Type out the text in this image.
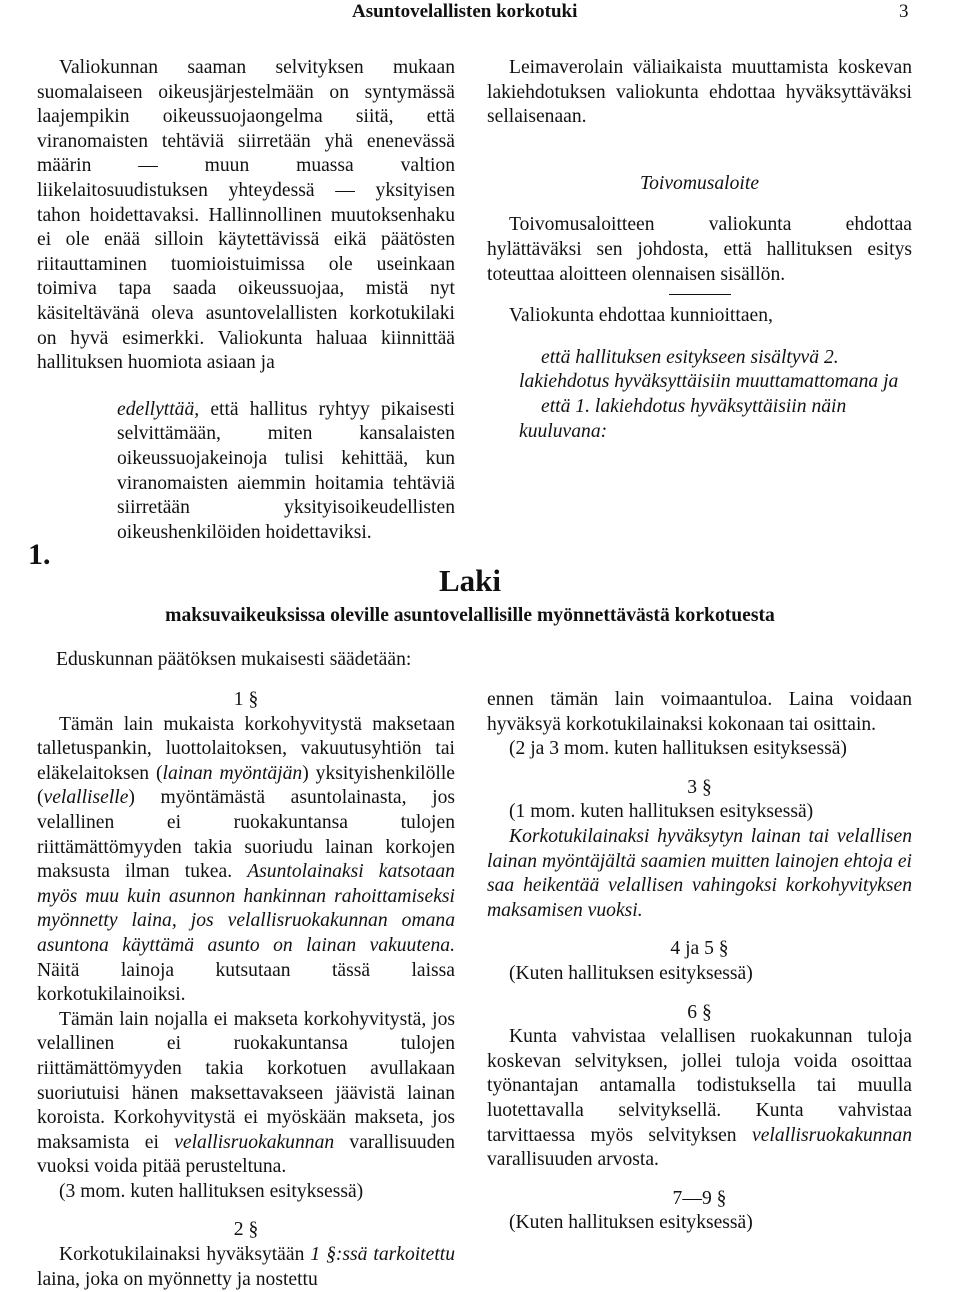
Asuntovelallisten korkotuki	3

Valiokunnan saaman selvityksen mukaan suomalaiseen oikeusjärjestelmään on syntymässä laajempikin oikeussuojaongelma siitä, että viranomaisten tehtäviä siirretään yhä enenevässä määrin — muun muassa valtion liikelaitosuudistuksen yhteydessä — yksityisen tahon hoidettavaksi. Hallinnollinen muutoksenhaku ei ole enää silloin käytettävissä eikä päätösten riitauttaminen tuomioistuimissa ole useinkaan toimiva tapa saada oikeussuojaa, mistä nyt käsiteltävänä oleva asuntovelallisten korkotukilaki on hyvä esimerkki. Valiokunta haluaa kiinnittää hallituksen huomiota asiaan ja

edellyttää, että hallitus ryhtyy pikaisesti selvittämään, miten kansalaisten oikeussuojakeinoja tulisi kehittää, kun viranomaisten aiemmin hoitamia tehtäviä siirretään yksityisoikeudellisten oikeushenkilöiden hoidettaviksi.

Leimaverolain väliaikaista muuttamista koskevan lakiehdotuksen valiokunta ehdottaa hyväksyttäväksi sellaisenaan.

Toivomusaloite

Toivomusaloitteen valiokunta ehdottaa hylättäväksi sen johdosta, että hallituksen esitys toteuttaa aloitteen olennaisen sisällön.

Valiokunta ehdottaa kunnioittaen,

että hallituksen esitykseen sisältyvä 2. lakiehdotus hyväksyttäisiin muuttamattomana ja

että 1. lakiehdotus hyväksyttäisiin näin kuuluvana:

1.
Laki
maksuvaikeuksissa oleville asuntovelallisille myönnettävästä korkotuesta
Eduskunnan päätöksen mukaisesti säädetään:

1 §

Tämän lain mukaista korkohyvitystä maksetaan talletuspankin, luottolaitoksen, vakuutusyhtiön tai eläkelaitoksen (lainan myöntäjän) yksityishenkilölle (velalliselle) myöntämästä asuntolainasta, jos velallinen ei ruokakuntansa tulojen riittämättömyyden takia suoriudu lainan korkojen maksusta ilman tukea. Asuntolainaksi katsotaan myös muu kuin asunnon hankinnan rahoittamiseksi myönnetty laina, jos velallisruokakunnan omana asuntona käyttämä asunto on lainan vakuutena. Näitä lainoja kutsutaan tässä laissa korkotukilainoiksi.

Tämän lain nojalla ei makseta korkohyvitystä, jos velallinen ei ruokakuntansa tulojen riittämättömyyden takia korkotuen avullakaan suoriutuisi hänen maksettavakseen jäävistä lainan koroista. Korkohyvitystä ei myöskään makseta, jos maksamista ei velallisruokakunnan varallisuuden vuoksi voida pitää perusteltuna.

(3 mom. kuten hallituksen esityksessä)

2 §

Korkotukilainaksi hyväksytään 1 §:ssä tarkoitettu laina, joka on myönnetty ja nostettu

ennen tämän lain voimaantuloa. Laina voidaan hyväksyä korkotukilainaksi kokonaan tai osittain.

(2 ja 3 mom. kuten hallituksen esityksessä)

3 §

(1 mom. kuten hallituksen esityksessä)

Korkotukilainaksi hyväksytyn lainan tai velallisen lainan myöntäjältä saamien muitten lainojen ehtoja ei saa heikentää velallisen vahingoksi korkohyvityksen maksamisen vuoksi.

4 ja 5 §

(Kuten hallituksen esityksessä)

6 §

Kunta vahvistaa velallisen ruokakunnan tuloja koskevan selvityksen, jollei tuloja voida osoittaa työnantajan antamalla todistuksella tai muulla luotettavalla selvityksellä. Kunta vahvistaa tarvittaessa myös selvityksen velallisruokakunnan varallisuuden arvosta.

7—9 §

(Kuten hallituksen esityksessä)
